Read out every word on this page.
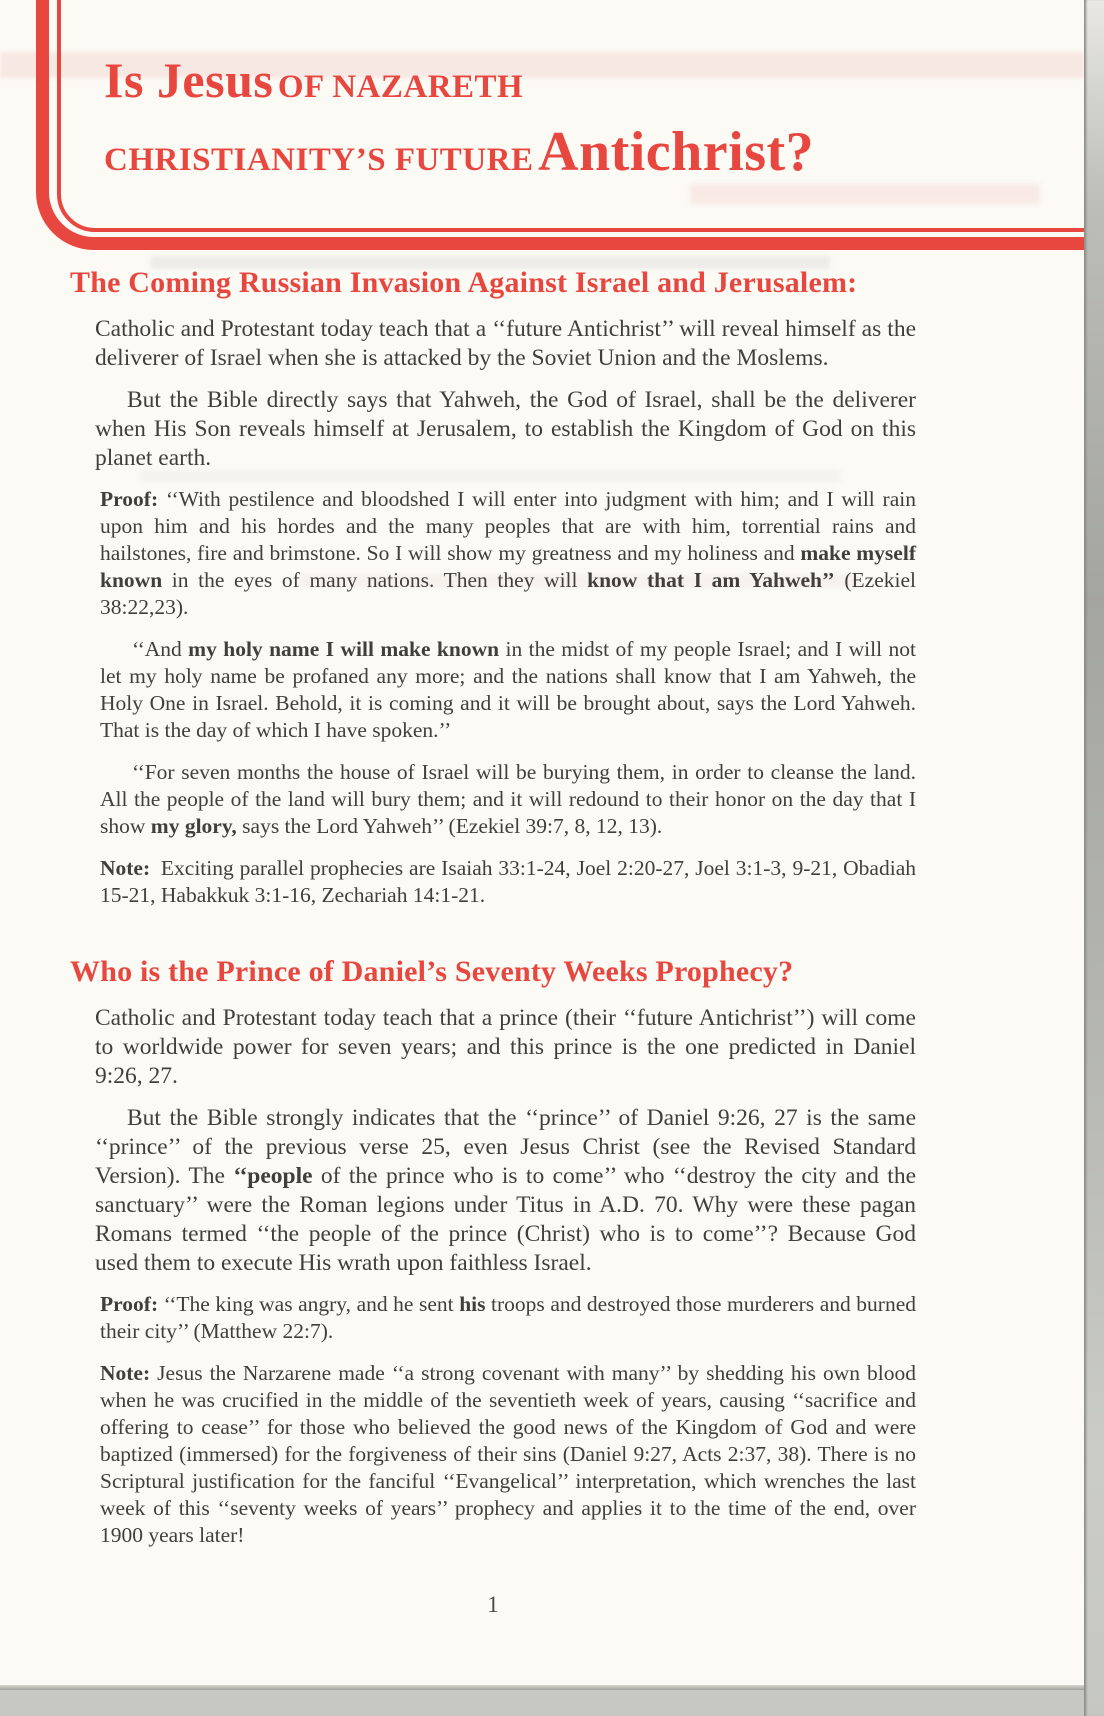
Is Jesus OF NAZARETH
CHRISTIANITY’S FUTURE Antichrist?
The Coming Russian Invasion Against Israel and Jerusalem:

Catholic and Protestant today teach that a ‘‘future Antichrist’’ will reveal himself as the deliverer of Israel when she is attacked by the Soviet Union and the Moslems.

But the Bible directly says that Yahweh, the God of Israel, shall be the deliverer when His Son reveals himself at Jerusalem, to establish the Kingdom of God on this planet earth.

Proof: ‘‘With pestilence and bloodshed I will enter into judgment with him; and I will rain upon him and his hordes and the many peoples that are with him, torrential rains and hailstones, fire and brimstone. So I will show my greatness and my holiness and make myself known in the eyes of many nations. Then they will know that I am Yahweh’’ (Ezekiel 38:22,23).

‘‘And my holy name I will make known in the midst of my people Israel; and I will not let my holy name be profaned any more; and the nations shall know that I am Yahweh, the Holy One in Israel. Behold, it is coming and it will be brought about, says the Lord Yahweh. That is the day of which I have spoken.’’

‘‘For seven months the house of Israel will be burying them, in order to cleanse the land. All the people of the land will bury them; and it will redound to their honor on the day that I show my glory, says the Lord Yahweh’’ (Ezekiel 39:7, 8, 12, 13).

Note: Exciting parallel prophecies are Isaiah 33:1-24, Joel 2:20-27, Joel 3:1-3, 9-21, Obadiah 15-21, Habakkuk 3:1-16, Zechariah 14:1-21.

Who is the Prince of Daniel’s Seventy Weeks Prophecy?

Catholic and Protestant today teach that a prince (their ‘‘future Antichrist’’) will come to worldwide power for seven years; and this prince is the one predicted in Daniel 9:26, 27.

But the Bible strongly indicates that the ‘‘prince’’ of Daniel 9:26, 27 is the same ‘‘prince’’ of the previous verse 25, even Jesus Christ (see the Revised Standard Version). The ‘‘people of the prince who is to come’’ who ‘‘destroy the city and the sanctuary’’ were the Roman legions under Titus in A.D. 70. Why were these pagan Romans termed ‘‘the people of the prince (Christ) who is to come’’? Because God used them to execute His wrath upon faithless Israel.

Proof: ‘‘The king was angry, and he sent his troops and destroyed those murderers and burned their city’’ (Matthew 22:7).

Note: Jesus the Narzarene made ‘‘a strong covenant with many’’ by shedding his own blood when he was crucified in the middle of the seventieth week of years, causing ‘‘sacrifice and offering to cease’’ for those who believed the good news of the Kingdom of God and were baptized (immersed) for the forgiveness of their sins (Daniel 9:27, Acts 2:37, 38). There is no Scriptural justification for the fanciful ‘‘Evangelical’’ interpretation, which wrenches the last week of this ‘‘seventy weeks of years’’ prophecy and applies it to the time of the end, over 1900 years later!

1
